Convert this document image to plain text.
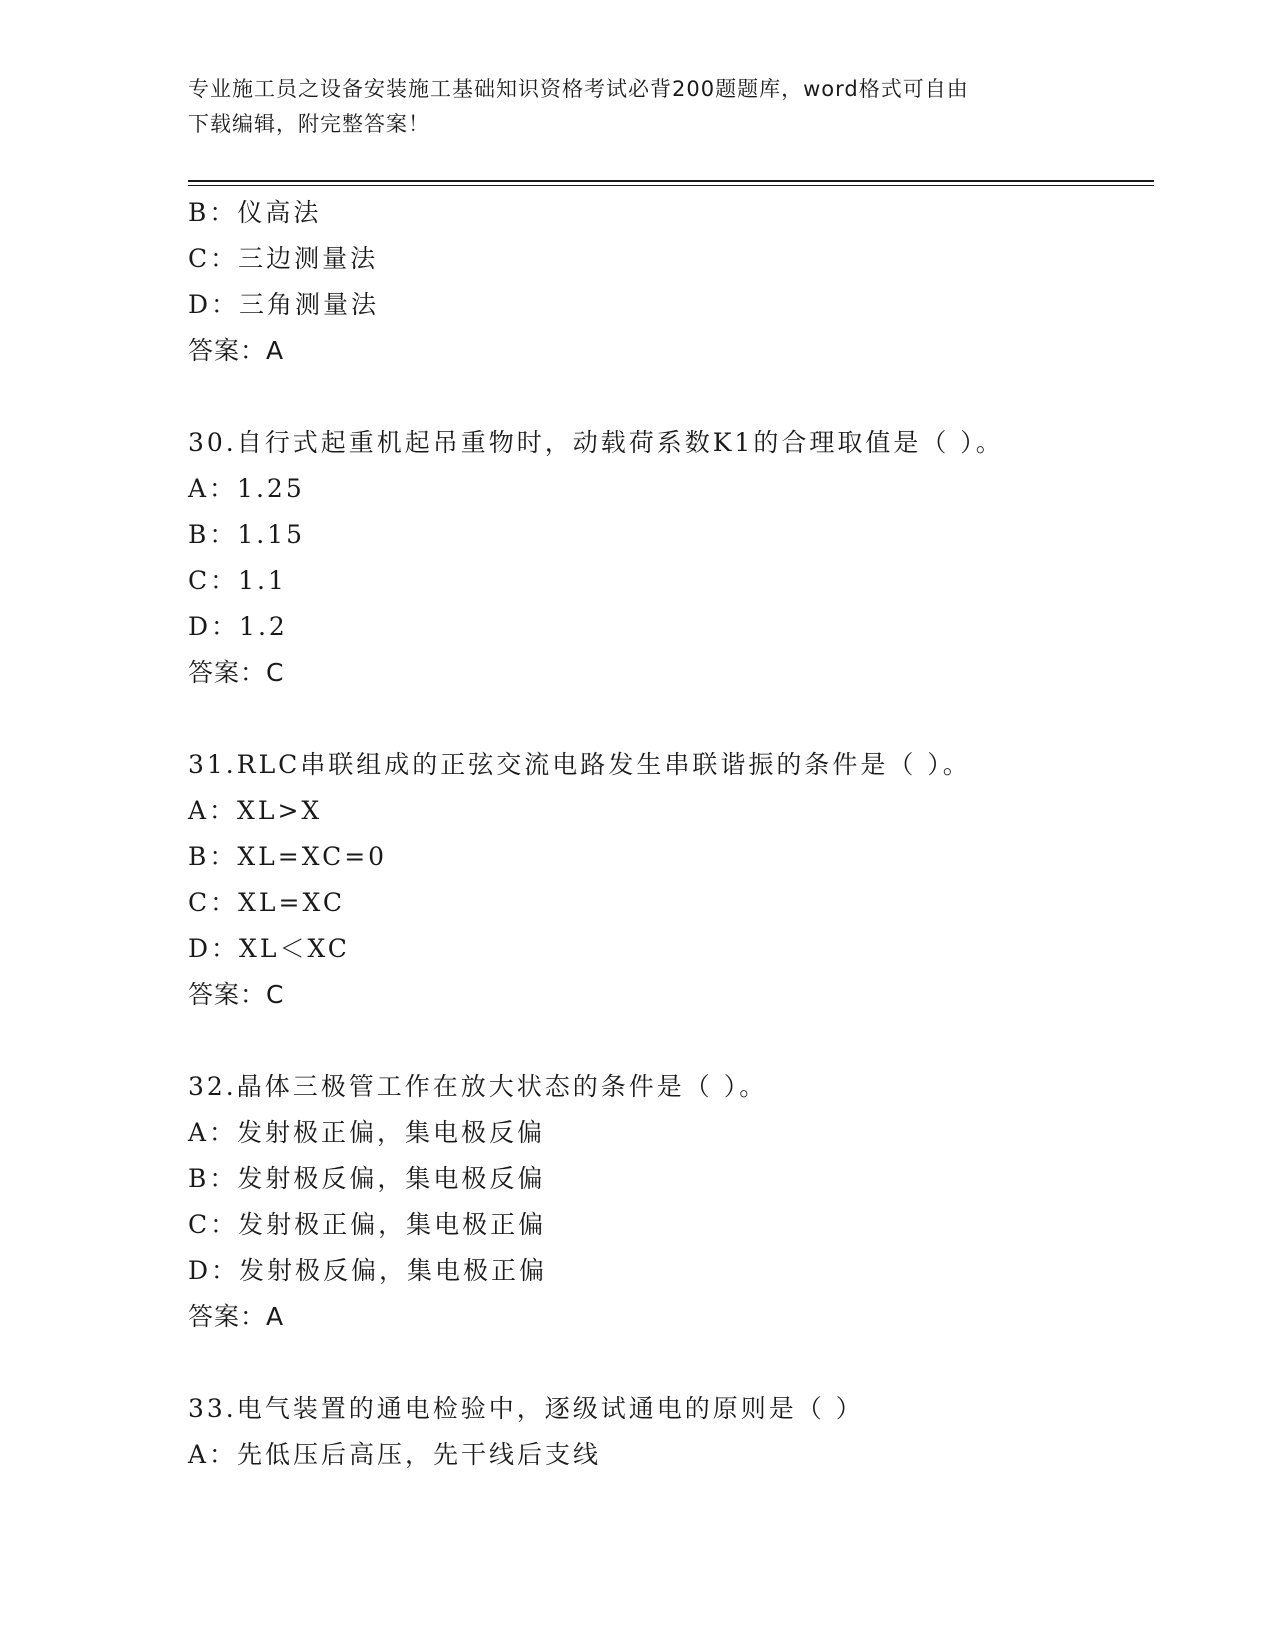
专业施工员之设备安装施工基础知识资格考试必背200题题库，word格式可自由
下载编辑，附完整答案！
B：仪高法
C：三边测量法
D：三角测量法
答案：A
30.自行式起重机起吊重物时，动载荷系数K1的合理取值是（ ）。
A：1.25
B：1.15
C：1.1
D：1.2
答案：C
31.RLC串联组成的正弦交流电路发生串联谐振的条件是（ ）。
A：XL>X
B：XL=XC=0
C：XL=XC
D：XL＜XC
答案：C
32.晶体三极管工作在放大状态的条件是（ ）。
A：发射极正偏，集电极反偏
B：发射极反偏，集电极反偏
C：发射极正偏，集电极正偏
D：发射极反偏，集电极正偏
答案：A
33.电气装置的通电检验中，逐级试通电的原则是（ ）
A：先低压后高压，先干线后支线
